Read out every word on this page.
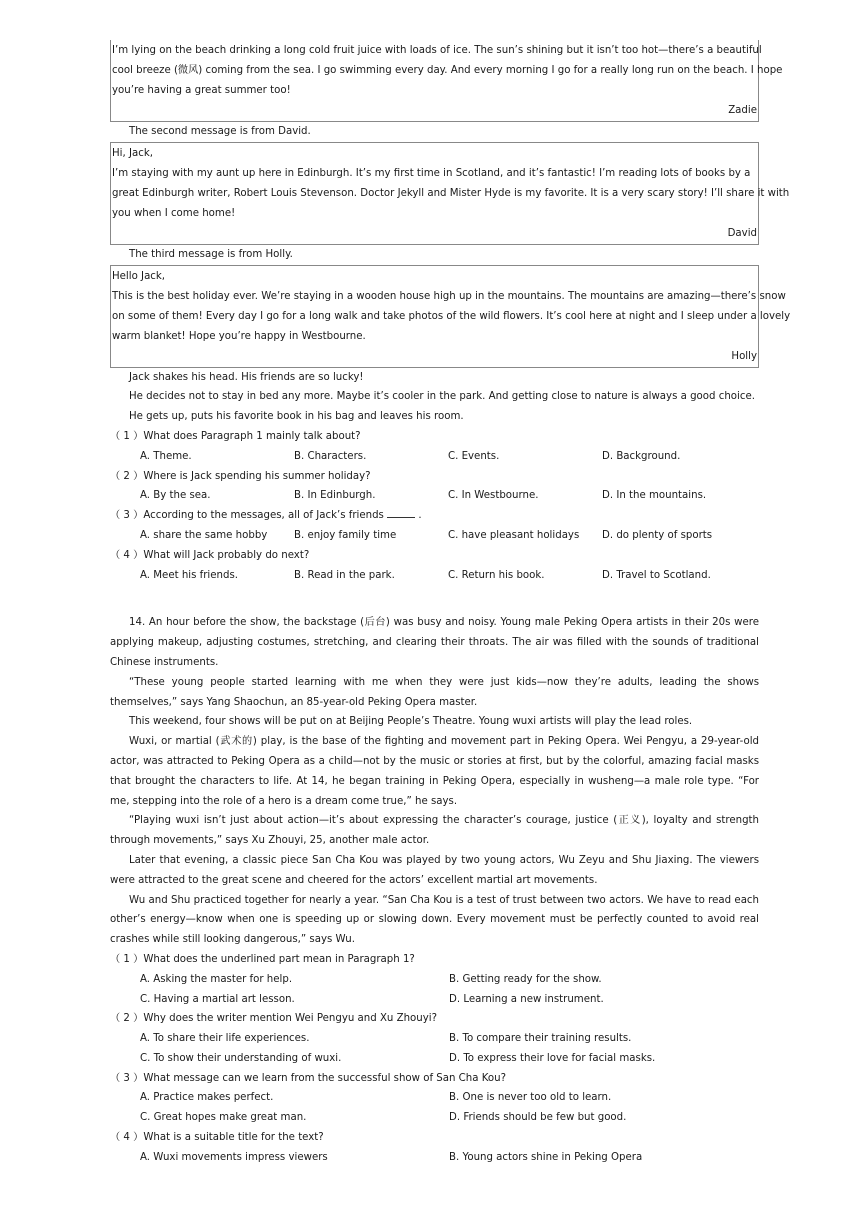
I’m lying on the beach drinking a long cold fruit juice with loads of ice. The sun’s shining but it isn’t too hot—there’s a beautiful
cool breeze (微风) coming from the sea. I go swimming every day. And every morning I go for a really long run on the beach. I hope
you’re having a great summer too!
Zadie
The second message is from David.
Hi, Jack,
I’m staying with my aunt up here in Edinburgh. It’s my first time in Scotland, and it’s fantastic! I’m reading lots of books by a
great Edinburgh writer, Robert Louis Stevenson. Doctor Jekyll and Mister Hyde is my favorite. It is a very scary story! I’ll share it with
you when I come home!
David
The third message is from Holly.
Hello Jack,
This is the best holiday ever. We’re staying in a wooden house high up in the mountains. The mountains are amazing—there’s snow
on some of them! Every day I go for a long walk and take photos of the wild flowers. It’s cool here at night and I sleep under a lovely
warm blanket! Hope you’re happy in Westbourne.
Holly
Jack shakes his head. His friends are so lucky!
He decides not to stay in bed any more. Maybe it’s cooler in the park. And getting close to nature is always a good choice.
He gets up, puts his favorite book in his bag and leaves his room.
（ 1 ）What does Paragraph 1 mainly talk about?
A. Theme.	B. Characters.	C. Events.	D. Background.
（ 2 ）Where is Jack spending his summer holiday?
A. By the sea.	B. In Edinburgh.	C. In Westbourne.	D. In the mountains.
（ 3 ）According to the messages, all of Jack’s friends	.
A. share the same hobby	B. enjoy family time	C. have pleasant holidays	D. do plenty of sports
（ 4 ）What will Jack probably do next?
A. Meet his friends.	B. Read in the park.	C. Return his book.	D. Travel to Scotland.

14. An hour before the show, the backstage (后台) was busy and noisy. Young male Peking Opera artists in their 20s were applying makeup, adjusting costumes, stretching, and clearing their throats. The air was filled with the sounds of traditional Chinese instruments.

“These young people started learning with me when they were just kids—now they’re adults, leading the shows themselves,” says Yang Shaochun, an 85-year-old Peking Opera master.

This weekend, four shows will be put on at Beijing People’s Theatre. Young wuxi artists will play the lead roles.

Wuxi, or martial (武术的) play, is the base of the fighting and movement part in Peking Opera. Wei Pengyu, a 29-year-old actor, was attracted to Peking Opera as a child—not by the music or stories at first, but by the colorful, amazing facial masks that brought the characters to life. At 14, he began training in Peking Opera, especially in wusheng—a male role type. “For me, stepping into the role of a hero is a dream come true,” he says.

“Playing wuxi isn’t just about action—it’s about expressing the character’s courage, justice (正义), loyalty and strength through movements,” says Xu Zhouyi, 25, another male actor.

Later that evening, a classic piece San Cha Kou was played by two young actors, Wu Zeyu and Shu Jiaxing. The viewers were attracted to the great scene and cheered for the actors’ excellent martial art movements.

Wu and Shu practiced together for nearly a year. “San Cha Kou is a test of trust between two actors. We have to read each other’s energy—know when one is speeding up or slowing down. Every movement must be perfectly counted to avoid real crashes while still looking dangerous,” says Wu.

（ 1 ）What does the underlined part mean in Paragraph 1?
A. Asking the master for help.	B. Getting ready for the show.
C. Having a martial art lesson.	D. Learning a new instrument.
（ 2 ）Why does the writer mention Wei Pengyu and Xu Zhouyi?
A. To share their life experiences.	B. To compare their training results.
C. To show their understanding of wuxi.	D. To express their love for facial masks.
（ 3 ）What message can we learn from the successful show of San Cha Kou?
A. Practice makes perfect.	B. One is never too old to learn.
C. Great hopes make great man.	D. Friends should be few but good.
（ 4 ）What is a suitable title for the text?
A. Wuxi movements impress viewers	B. Young actors shine in Peking Opera
